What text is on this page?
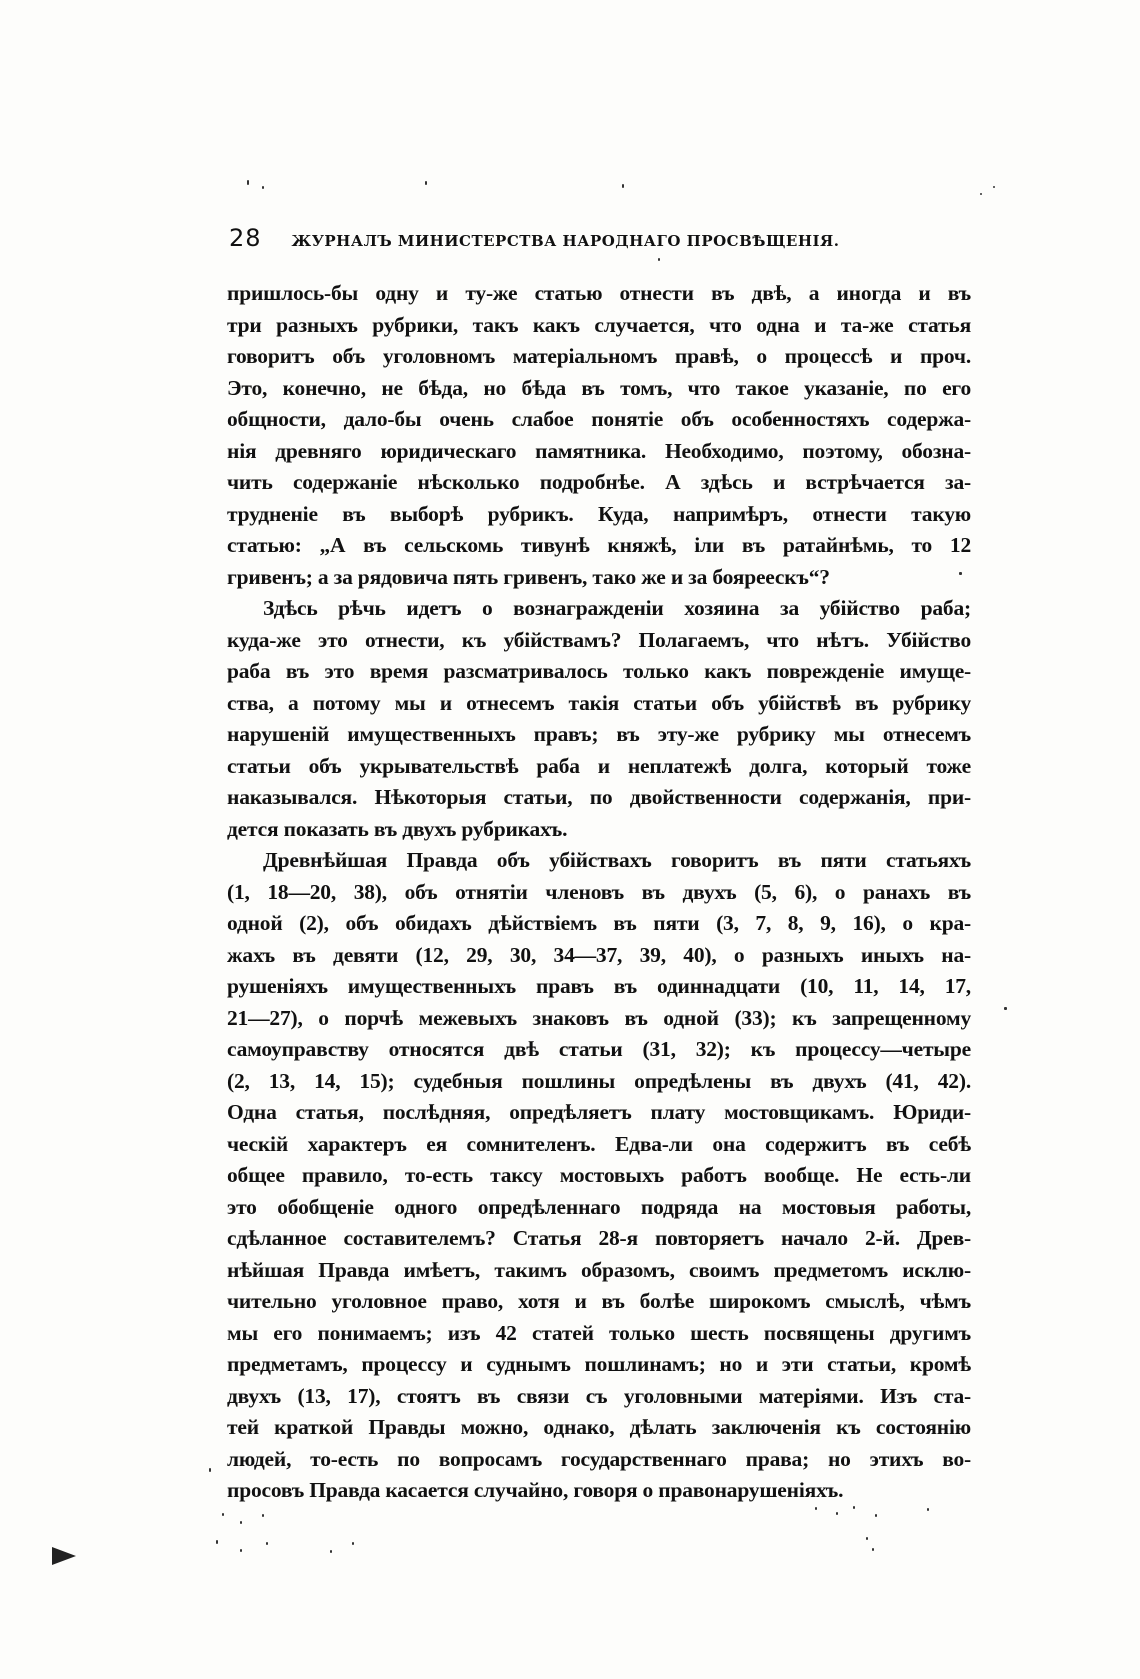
28 ЖУРНАЛЪ МИНИСТЕРСТВА НАРОДНАГО ПРОСВѢЩЕНІЯ.
пришлось-бы одну и ту-же статью отнести въ двѣ, а иногда и въ
три разныхъ рубрики, такъ какъ случается, что одна и та-же статья
говоритъ объ уголовномъ матеріальномъ правѣ, о процессѣ и проч.
Это, конечно, не бѣда, но бѣда въ томъ, что такое указаніе, по его
общности, дало-бы очень слабое понятіе объ особенностяхъ содержа-
нія древняго юридическаго памятника. Необходимо, поэтому, обозна-
чить содержаніе нѣсколько подробнѣе. А здѣсь и встрѣчается за-
трудненіе въ выборѣ рубрикъ. Куда, напримѣръ, отнести такую
статью: „А въ сельскомь тивунѣ княжѣ, іли въ ратайнѣмь, то 12
гривенъ; а за рядовича пять гривенъ, тако же и за бояреескъ“?
Здѣсь рѣчь идетъ о вознагражденіи хозяина за убійство раба;
куда-же это отнести, къ убійствамъ? Полагаемъ, что нѣтъ. Убійство
раба въ это время разсматривалось только какъ поврежденіе имуще-
ства, а потому мы и отнесемъ такія статьи объ убійствѣ въ рубрику
нарушеній имущественныхъ правъ; въ эту-же рубрику мы отнесемъ
статьи объ укрывательствѣ раба и неплатежѣ долга, который тоже
наказывался. Нѣкоторыя статьи, по двойственности содержанія, при-
дется показать въ двухъ рубрикахъ.
Древнѣйшая Правда объ убійствахъ говоритъ въ пяти статьяхъ
(1, 18—20, 38), объ отнятіи членовъ въ двухъ (5, 6), о ранахъ въ
одной (2), объ обидахъ дѣйствіемъ въ пяти (3, 7, 8, 9, 16), о кра-
жахъ въ девяти (12, 29, 30, 34—37, 39, 40), о разныхъ иныхъ на-
рушеніяхъ имущественныхъ правъ въ одиннадцати (10, 11, 14, 17,
21—27), о порчѣ межевыхъ знаковъ въ одной (33); къ запрещенному
самоуправству относятся двѣ статьи (31, 32); къ процессу—четыре
(2, 13, 14, 15); судебныя пошлины опредѣлены въ двухъ (41, 42).
Одна статья, послѣдняя, опредѣляетъ плату мостовщикамъ. Юриди-
ческій характеръ ея сомнителенъ. Едва-ли она содержитъ въ себѣ
общее правило, то-есть таксу мостовыхъ работъ вообще. Не есть-ли
это обобщеніе одного опредѣленнаго подряда на мостовыя работы,
сдѣланное составителемъ? Статья 28-я повторяетъ начало 2-й. Древ-
нѣйшая Правда имѣетъ, такимъ образомъ, своимъ предметомъ исклю-
чительно уголовное право, хотя и въ болѣе широкомъ смыслѣ, чѣмъ
мы его понимаемъ; изъ 42 статей только шесть посвящены другимъ
предметамъ, процессу и суднымъ пошлинамъ; но и эти статьи, кромѣ
двухъ (13, 17), стоятъ въ связи съ уголовными матеріями. Изъ ста-
тей краткой Правды можно, однако, дѣлать заключенія къ состоянію
людей, то-есть по вопросамъ государственнаго права; но этихъ во-
просовъ Правда касается случайно, говоря о правонарушеніяхъ.
